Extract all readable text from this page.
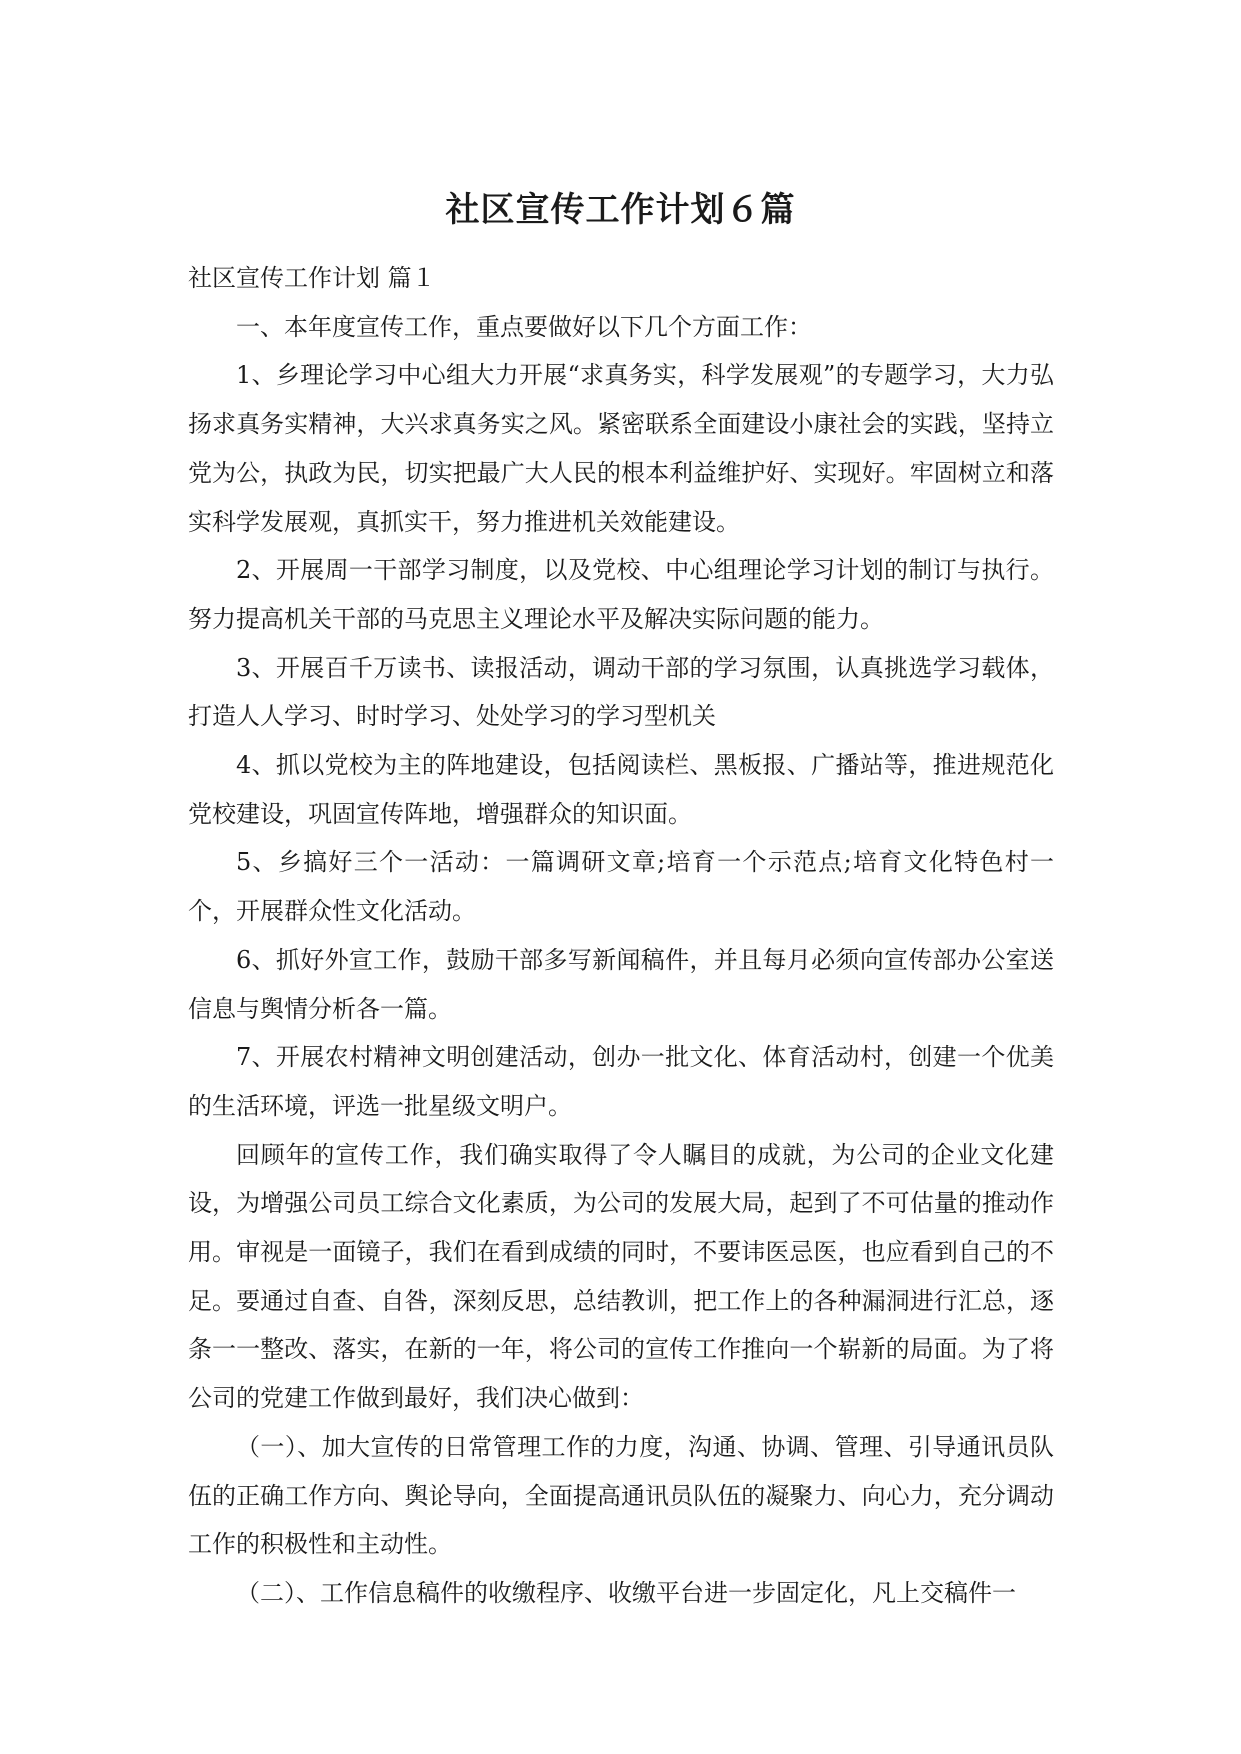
社区宣传工作计划６篇

社区宣传工作计划 篇１

一、本年度宣传工作，重点要做好以下几个方面工作：

1、乡理论学习中心组大力开展“求真务实，科学发展观”的专题学习，大力弘扬求真务实精神，大兴求真务实之风。紧密联系全面建设小康社会的实践，坚持立党为公，执政为民，切实把最广大人民的根本利益维护好、实现好。牢固树立和落实科学发展观，真抓实干，努力推进机关效能建设。

2、开展周一干部学习制度，以及党校、中心组理论学习计划的制订与执行。努力提高机关干部的马克思主义理论水平及解决实际问题的能力。

3、开展百千万读书、读报活动，调动干部的学习氛围，认真挑选学习载体，打造人人学习、时时学习、处处学习的学习型机关

4、抓以党校为主的阵地建设，包括阅读栏、黑板报、广播站等，推进规范化党校建设，巩固宣传阵地，增强群众的知识面。

5、乡搞好三个一活动：一篇调研文章;培育一个示范点;培育文化特色村一个，开展群众性文化活动。

6、抓好外宣工作，鼓励干部多写新闻稿件，并且每月必须向宣传部办公室送信息与舆情分析各一篇。

7、开展农村精神文明创建活动，创办一批文化、体育活动村，创建一个优美的生活环境，评选一批星级文明户。

回顾年的宣传工作，我们确实取得了令人瞩目的成就，为公司的企业文化建设，为增强公司员工综合文化素质，为公司的发展大局，起到了不可估量的推动作用。审视是一面镜子，我们在看到成绩的同时，不要讳医忌医，也应看到自己的不足。要通过自查、自咎，深刻反思，总结教训，把工作上的各种漏洞进行汇总，逐条一一整改、落实，在新的一年，将公司的宣传工作推向一个崭新的局面。为了将公司的党建工作做到最好，我们决心做到：

（一）、加大宣传的日常管理工作的力度，沟通、协调、管理、引导通讯员队伍的正确工作方向、舆论导向，全面提高通讯员队伍的凝聚力、向心力，充分调动工作的积极性和主动性。

（二）、工作信息稿件的收缴程序、收缴平台进一步固定化，凡上交稿件一
